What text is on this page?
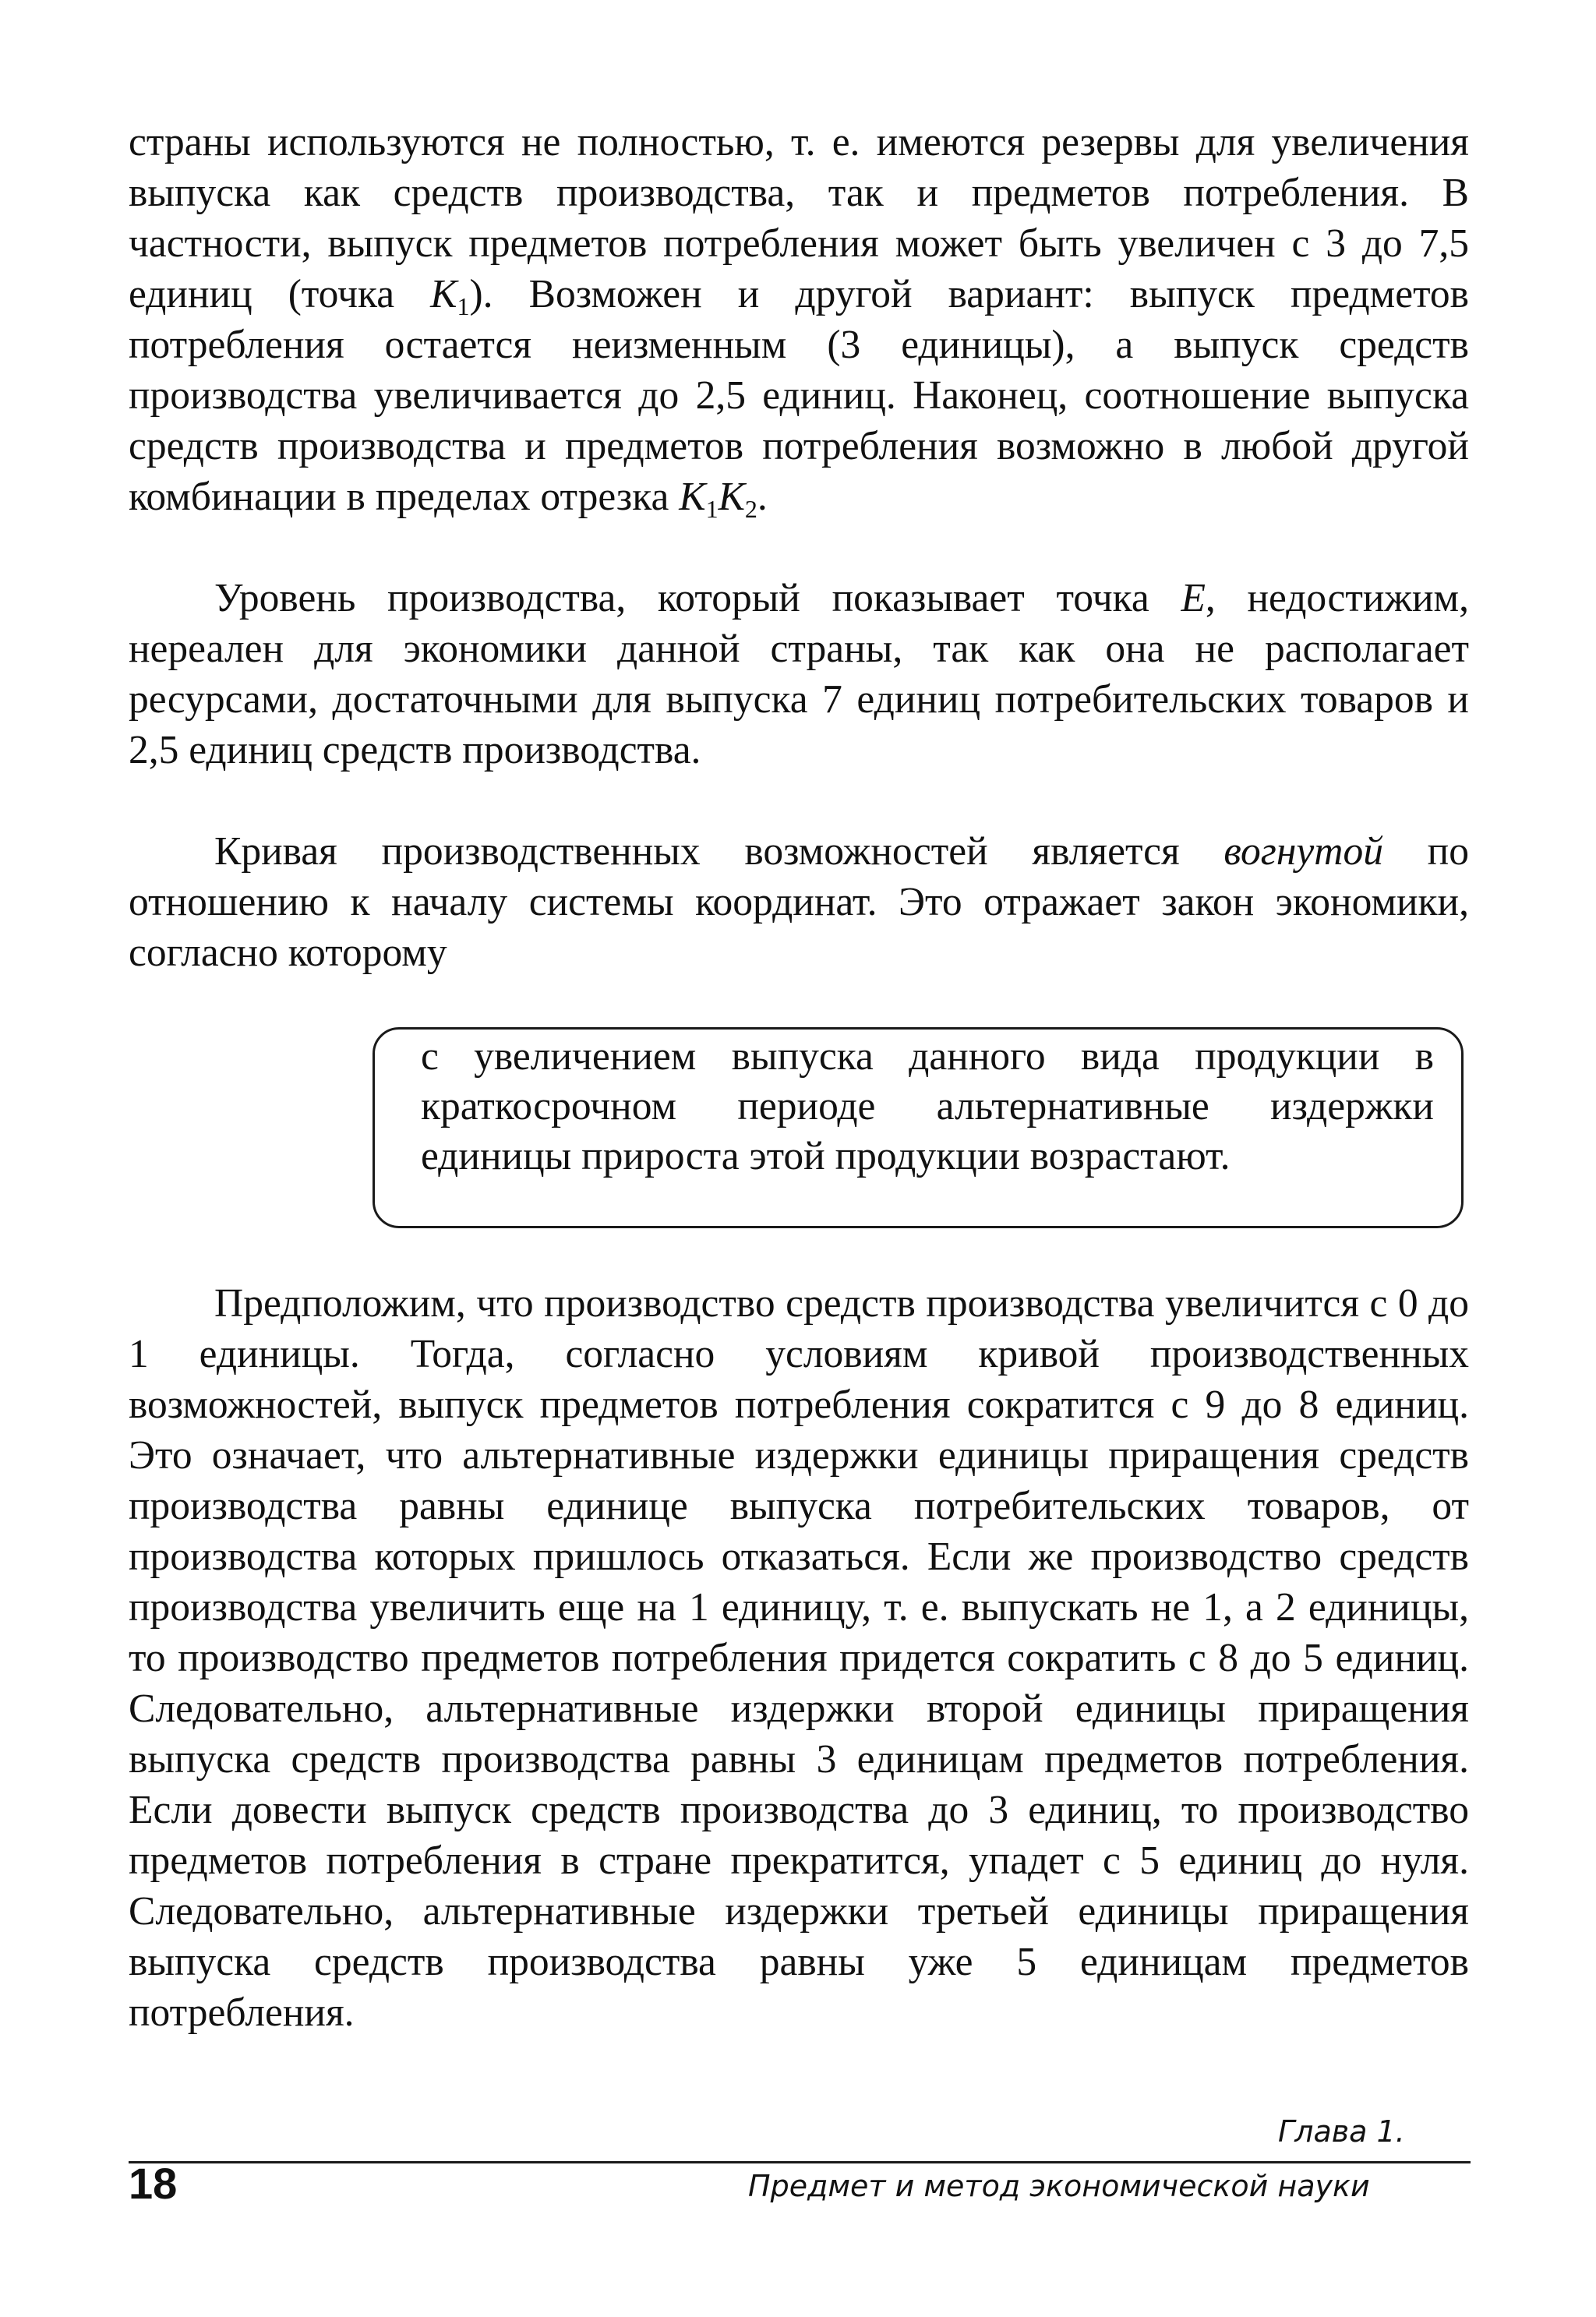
страны используются не полностью, т. е. имеются резервы для увеличения выпуска как средств производства, так и предметов потребления. В частности, выпуск предметов потребления может быть увеличен с 3 до 7,5 единиц (точка $K_1$). Возможен и другой вариант: выпуск предметов потребления остается неизменным (3 единицы), а выпуск средств производства увеличивается до 2,5 единиц. Наконец, соотношение выпуска средств производства и предметов потребления возможно в любой другой комбинации в пределах отрезка $K_1K_2$.

Уровень производства, который показывает точка E, недостижим, нереален для экономики данной страны, так как она не располагает ресурсами, достаточными для выпуска 7 единиц потребительских товаров и 2,5 единиц средств производства.

Кривая производственных возможностей является вогнутой по отношению к началу системы координат. Это отражает закон экономики, согласно которому

с увеличением выпуска данного вида продукции в краткосрочном периоде альтернативные издержки единицы прироста этой продукции возрастают.

Предположим, что производство средств производства увеличится с 0 до 1 единицы. Тогда, согласно условиям кривой производственных возможностей, выпуск предметов потребления сократится с 9 до 8 единиц. Это означает, что альтернативные издержки единицы приращения средств производства равны единице выпуска потребительских товаров, от производства которых пришлось отказаться. Если же производство средств производства увеличить еще на 1 единицу, т. е. выпускать не 1, а 2 единицы, то производство предметов потребления придется сократить с 8 до 5 единиц. Следовательно, альтернативные издержки второй единицы приращения выпуска средств производства равны 3 единицам предметов потребления. Если довести выпуск средств производства до 3 единиц, то производство предметов потребления в стране прекратится, упадет с 5 единиц до нуля. Следовательно, альтернативные издержки третьей единицы приращения выпуска средств производства равны уже 5 единицам предметов потребления.

Глава 1.
18	Предмет и метод экономической науки
